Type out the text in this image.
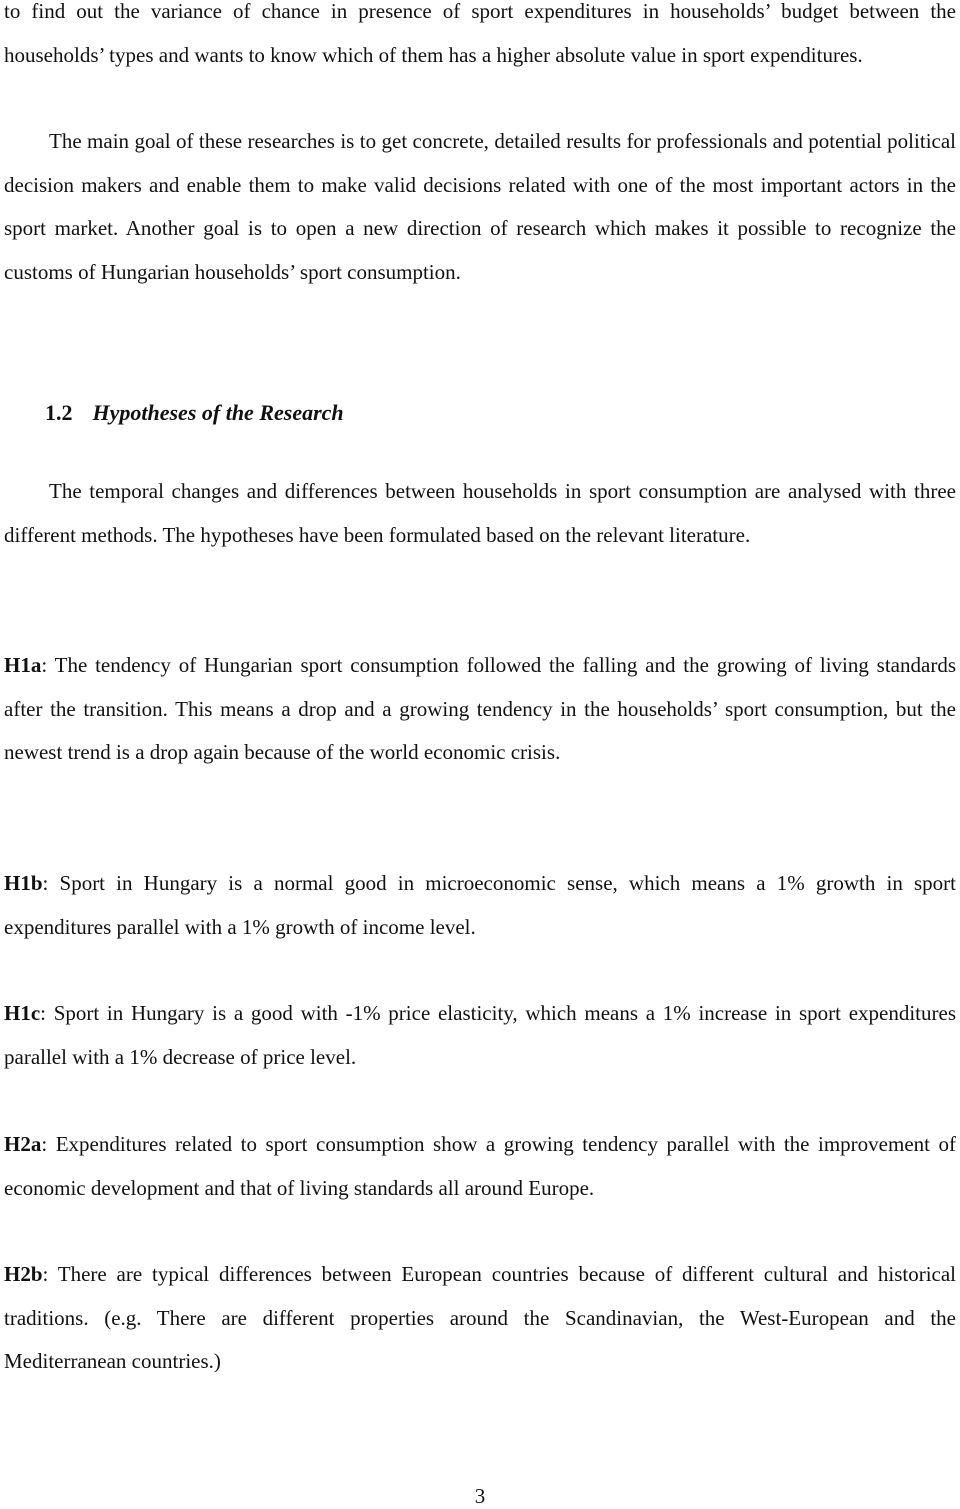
to find out the variance of chance in presence of sport expenditures in households’ budget between the households’ types and wants to know which of them has a higher absolute value in sport expenditures.

The main goal of these researches is to get concrete, detailed results for professionals and potential political decision makers and enable them to make valid decisions related with one of the most important actors in the sport market. Another goal is to open a new direction of research which makes it possible to recognize the customs of Hungarian households’ sport consumption.

1.2 Hypotheses of the Research

The temporal changes and differences between households in sport consumption are analysed with three different methods. The hypotheses have been formulated based on the relevant literature.

H1a: The tendency of Hungarian sport consumption followed the falling and the growing of living standards after the transition. This means a drop and a growing tendency in the households’ sport consumption, but the newest trend is a drop again because of the world economic crisis.

H1b: Sport in Hungary is a normal good in microeconomic sense, which means a 1% growth in sport expenditures parallel with a 1% growth of income level.

H1c: Sport in Hungary is a good with -1% price elasticity, which means a 1% increase in sport expenditures parallel with a 1% decrease of price level.

H2a: Expenditures related to sport consumption show a growing tendency parallel with the improvement of economic development and that of living standards all around Europe.

H2b: There are typical differences between European countries because of different cultural and historical traditions. (e.g. There are different properties around the Scandinavian, the West-European and the Mediterranean countries.)

3
